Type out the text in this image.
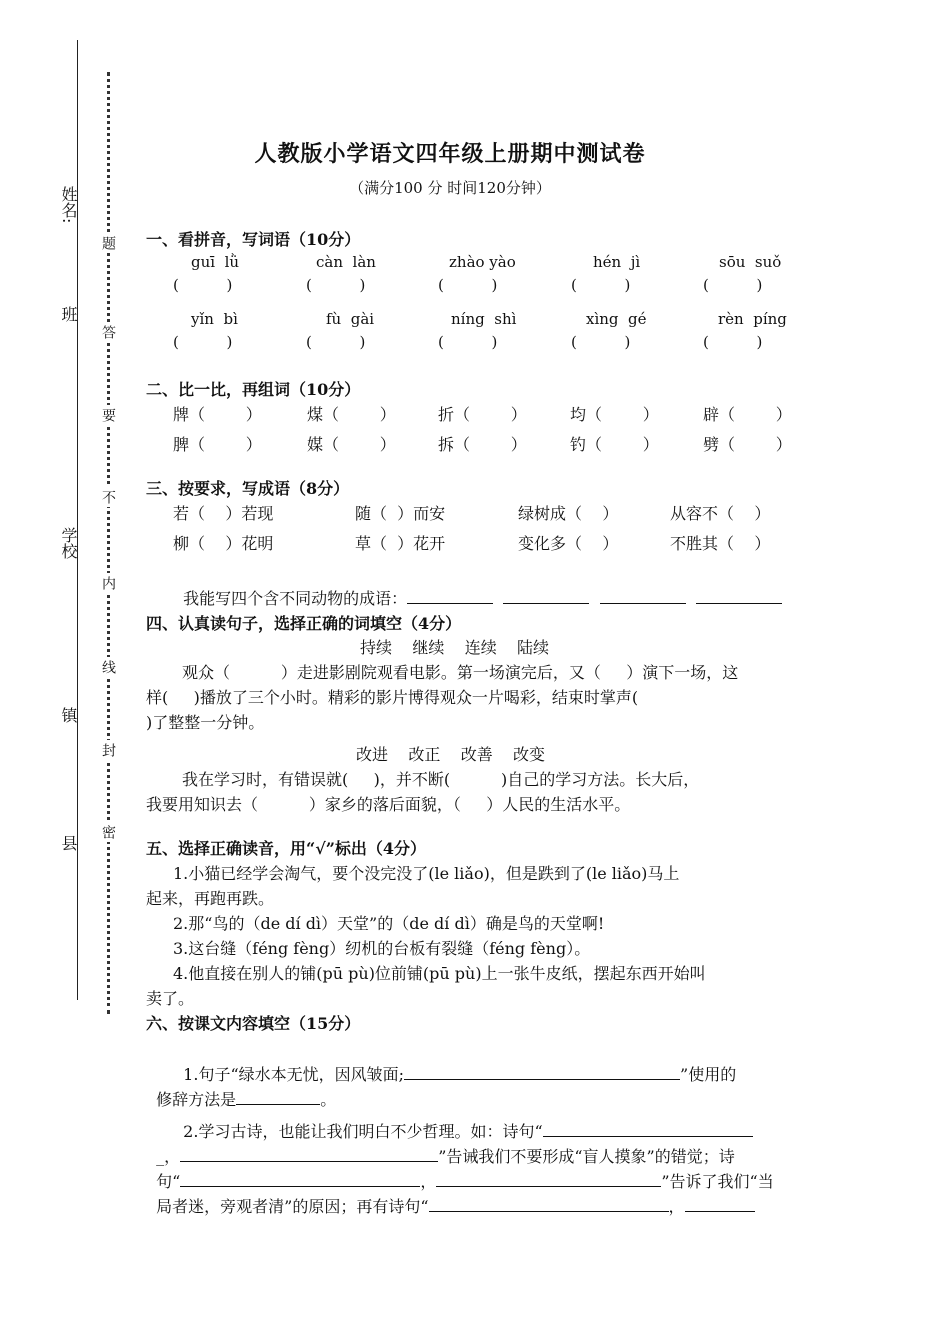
姓名:
班
学校
镇
县
题
答
要
不
内
线
封
密
人教版小学语文四年级上册期中测试卷
（满分100 分 时间120分钟）
一、看拼音，写词语（10分）
guī  lǜ	càn  làn	zhào yào	hén  jì	sōu  suǒ
(          )	(          )	(          )	(          )	(          )
yǐn  bì	fù  gài	níng  shì	xìng  gé	rèn  píng
(          )	(          )	(          )	(          )	(          )
二、比一比，再组词（10分）
牌（        ）	煤（        ）	折（        ）	均（        ）	辟（        ）
脾（        ）	媒（        ）	拆（        ）	钓（        ）	劈（        ）
三、按要求，写成语（8分）
若（    ）若现	随（  ）而安	绿树成（    ）	从容不（    ）
柳（    ）花明	草（  ）花开	变化多（    ）	不胜其（    ）

我能写四个含不同动物的成语：

四、认真读句子，选择正确的词填空（4分）
持续    继续    连续    陆续
观众（          ）走进影剧院观看电影。第一场演完后，又（     ）演下一场，这
样(     )播放了三个小时。精彩的影片博得观众一片喝彩，结束时掌声(
)了整整一分钟。
改进    改正    改善    改变
我在学习时，有错误就(     )，并不断(          )自己的学习方法。长大后，
我要用知识去（          ）家乡的落后面貌，（     ）人民的生活水平。
五、选择正确读音，用“√”标出（4分）
1.小猫已经学会淘气，要个没完没了(le liǎo)，但是跌到了(le liǎo)马上
起来，再跑再跌。
2.那“鸟的（de dí dì）天堂”的（de dí dì）确是鸟的天堂啊!
3.这台缝（féng fèng）纫机的台板有裂缝（féng fèng）。
4.他直接在别人的铺(pū pù)位前铺(pū pù)上一张牛皮纸，摆起东西开始叫
卖了。
六、按课文内容填空（15分）

1.句子“绿水本无忧，因风皱面;	”使用的

修辞方法是	。

2.学习古诗，也能让我们明白不少哲理。如：诗句“

_，	”告诫我们不要形成“盲人摸象”的错觉；诗

句“	，	”告诉了我们“当

局者迷，旁观者清”的原因；再有诗句“	，
